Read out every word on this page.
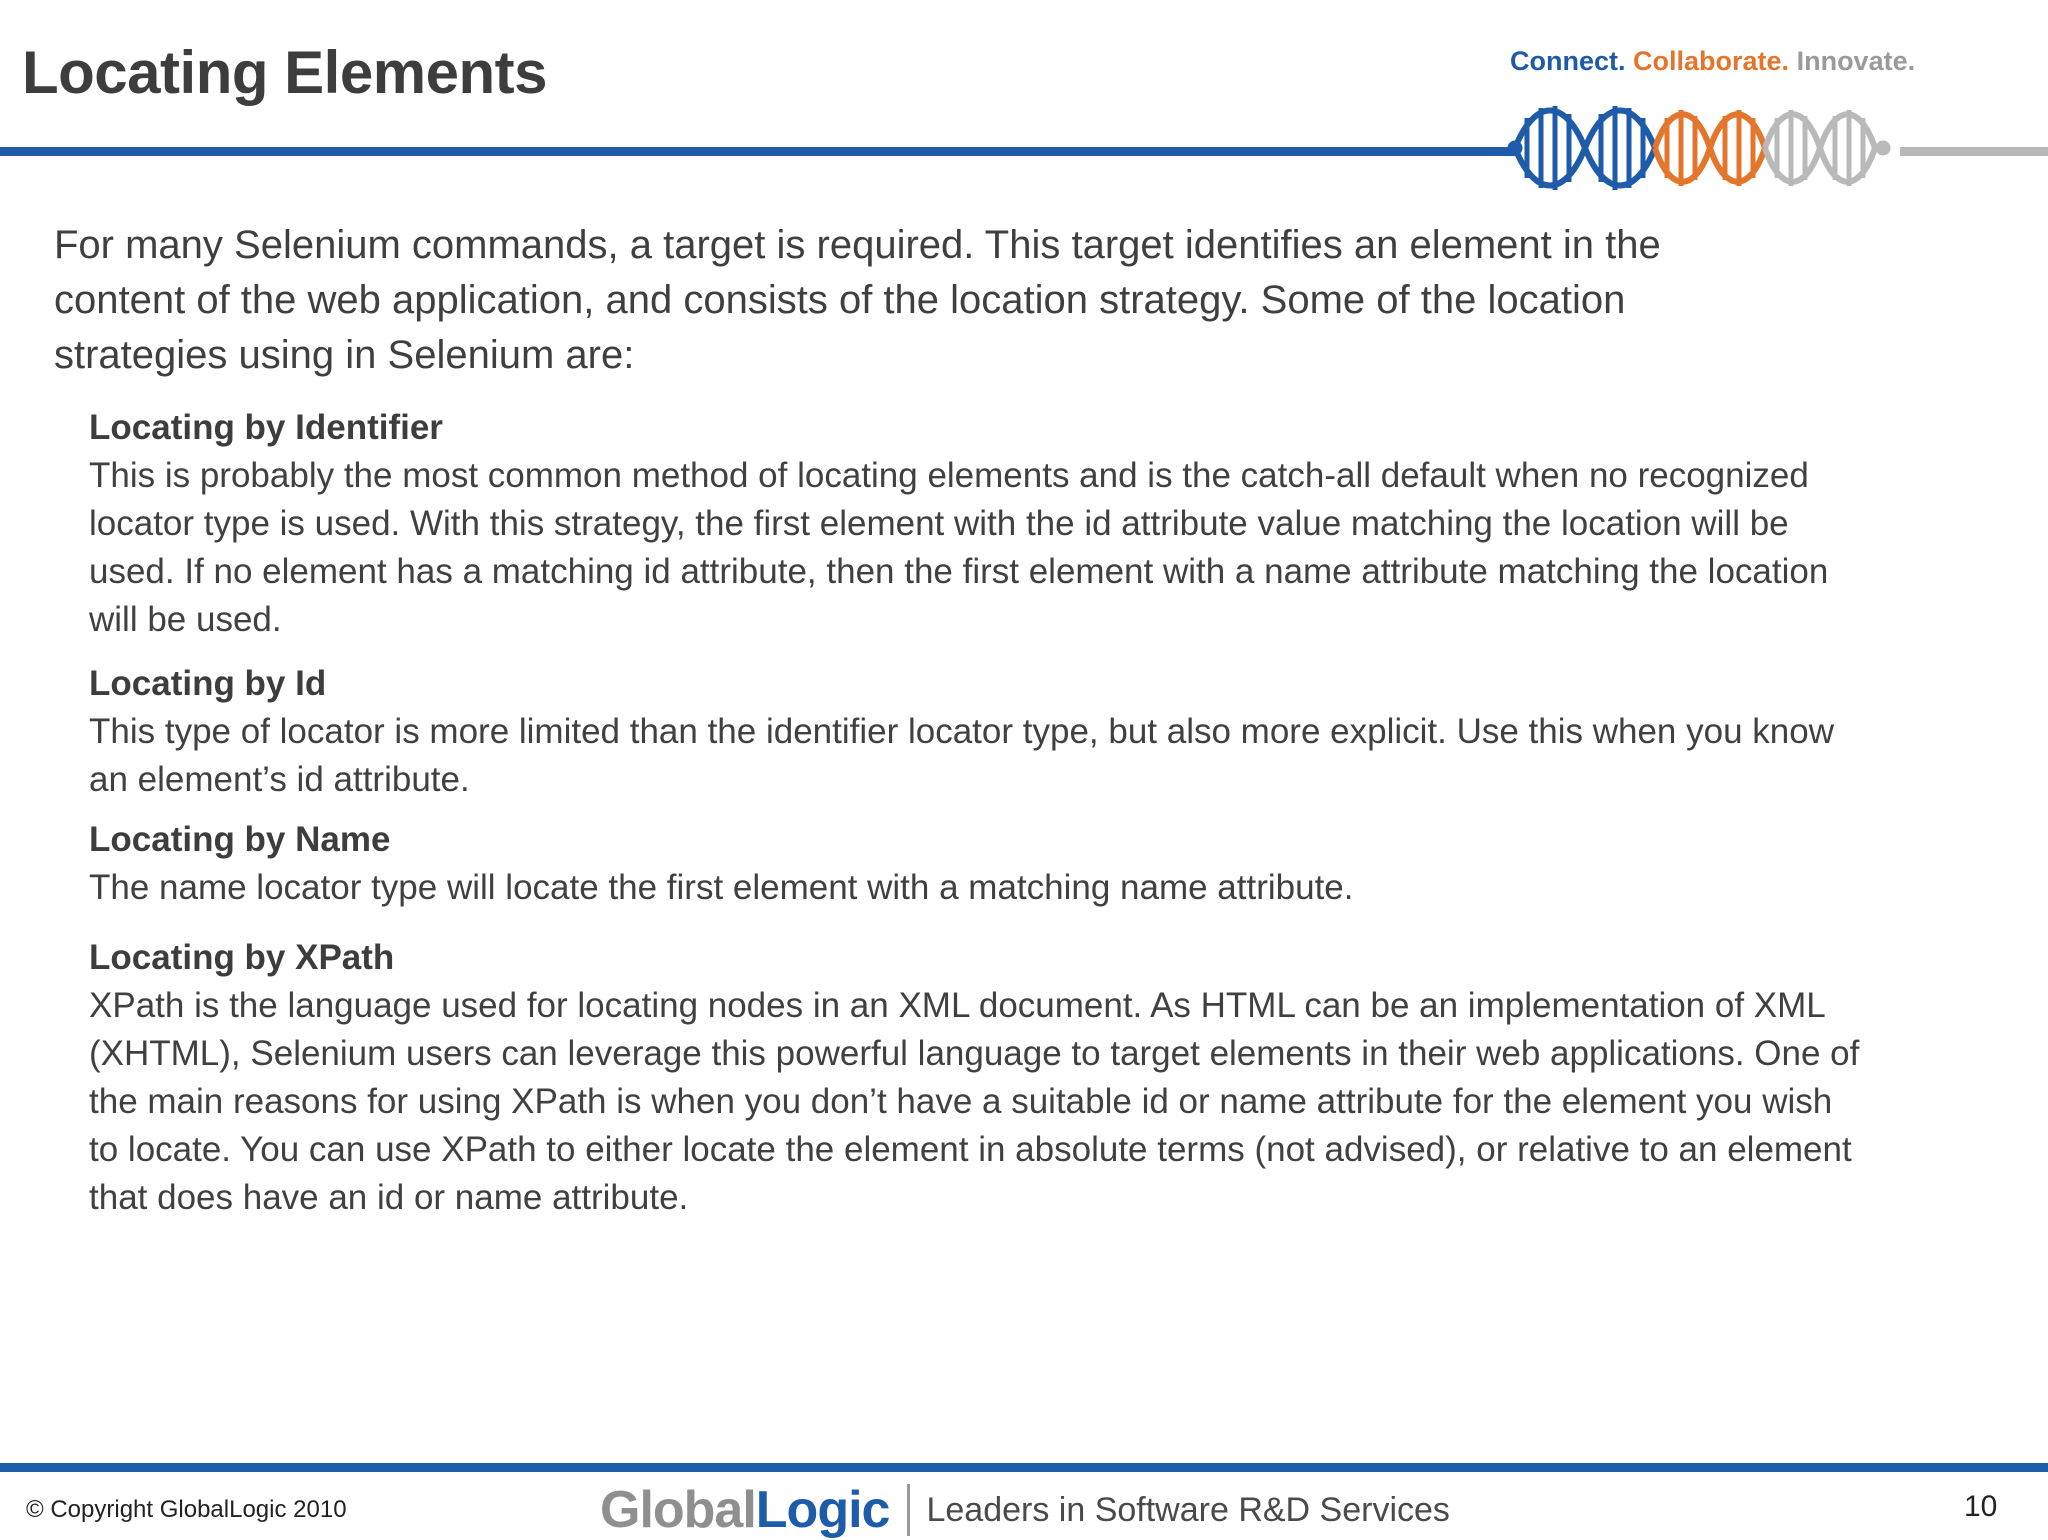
Locating Elements	Connect. Collaborate. Innovate.

For many Selenium commands, a target is required. This target identifies an element in the content of the web application, and consists of the location strategy. Some of the location strategies using in Selenium are:

Locating by Identifier

This is probably the most common method of locating elements and is the catch-all default when no recognized locator type is used. With this strategy, the first element with the id attribute value matching the location will be used. If no element has a matching id attribute, then the first element with a name attribute matching the location will be used.

Locating by Id

This type of locator is more limited than the identifier locator type, but also more explicit. Use this when you know an element’s id attribute.

Locating by Name

The name locator type will locate the first element with a matching name attribute.

Locating by XPath

XPath is the language used for locating nodes in an XML document. As HTML can be an implementation of XML (XHTML), Selenium users can leverage this powerful language to target elements in their web applications. One of the main reasons for using XPath is when you don’t have a suitable id or name attribute for the element you wish to locate. You can use XPath to either locate the element in absolute terms (not advised), or relative to an element that does have an id or name attribute.

© Copyright GlobalLogic 2010	GlobalLogic Leaders in Software R&D Services	10
